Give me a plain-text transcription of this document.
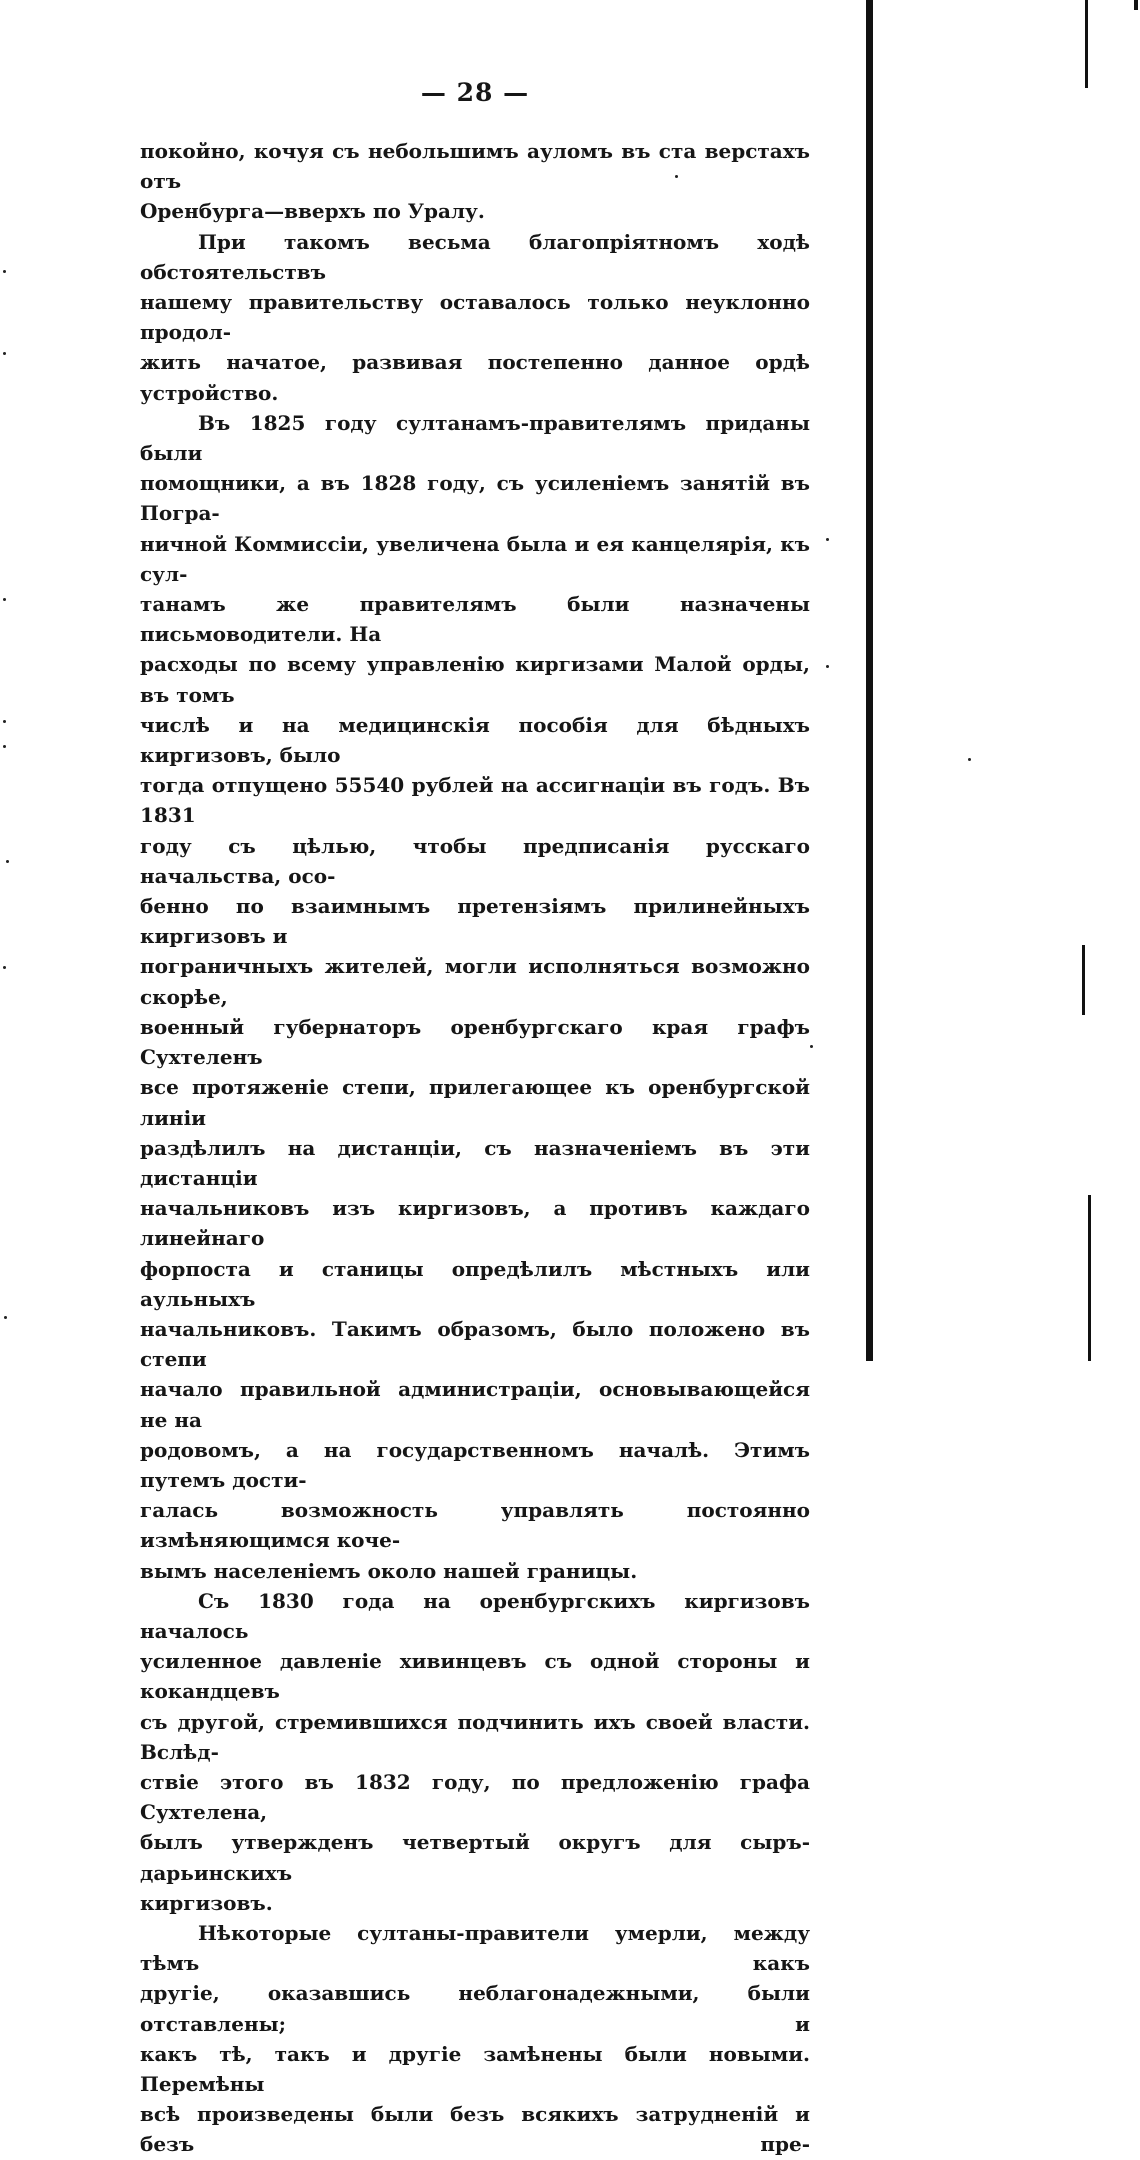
— 28 —

покойно, кочуя съ небольшимъ ауломъ въ ста верстахъ отъ
Оренбурга—вверхъ по Уралу.

При такомъ весьма благопріятномъ ходѣ обстоятельствъ
нашему правительству оставалось только неуклонно продол-
жить начатое, развивая постепенно данное ордѣ устройство.

Въ 1825 году султанамъ-правителямъ приданы были
помощники, а въ 1828 году, съ усиленіемъ занятій въ Погра-
ничной Коммиссіи, увеличена была и ея канцелярія, къ сул-
танамъ же правителямъ были назначены письмоводители. На
расходы по всему управленію киргизами Малой орды, въ томъ
числѣ и на медицинскія пособія для бѣдныхъ киргизовъ, было
тогда отпущено 55540 рублей на ассигнаціи въ годъ. Въ 1831
году съ цѣлью, чтобы предписанія русскаго начальства, осо-
бенно по взаимнымъ претензіямъ прилинейныхъ киргизовъ и
пограничныхъ жителей, могли исполняться возможно скорѣе,
военный губернаторъ оренбургскаго края графъ Сухтеленъ
все протяженіе степи, прилегающее къ оренбургской линіи
раздѣлилъ на дистанціи, съ назначеніемъ въ эти дистанціи
начальниковъ изъ киргизовъ, а противъ каждаго линейнаго
форпоста и станицы опредѣлилъ мѣстныхъ или аульныхъ
начальниковъ. Такимъ образомъ, было положено въ степи
начало правильной администраціи, основывающейся не на
родовомъ, а на государственномъ началѣ. Этимъ путемъ дости-
галась возможность управлять постоянно измѣняющимся коче-
вымъ населеніемъ около нашей границы.

Съ 1830 года на оренбургскихъ киргизовъ началось
усиленное давленіе хивинцевъ съ одной стороны и кокандцевъ
съ другой, стремившихся подчинить ихъ своей власти. Вслѣд-
ствіе этого въ 1832 году, по предложенію графа Сухтелена,
былъ утвержденъ четвертый округъ для сыръ-дарьинскихъ
киргизовъ.

Нѣкоторые султаны-правители умерли, между тѣмъ какъ
другіе, оказавшись неблагонадежными, были отставлены; и
какъ тѣ, такъ и другіе замѣнены были новыми. Перемѣны
всѣ произведены были безъ всякихъ затрудненій и безъ пре-
